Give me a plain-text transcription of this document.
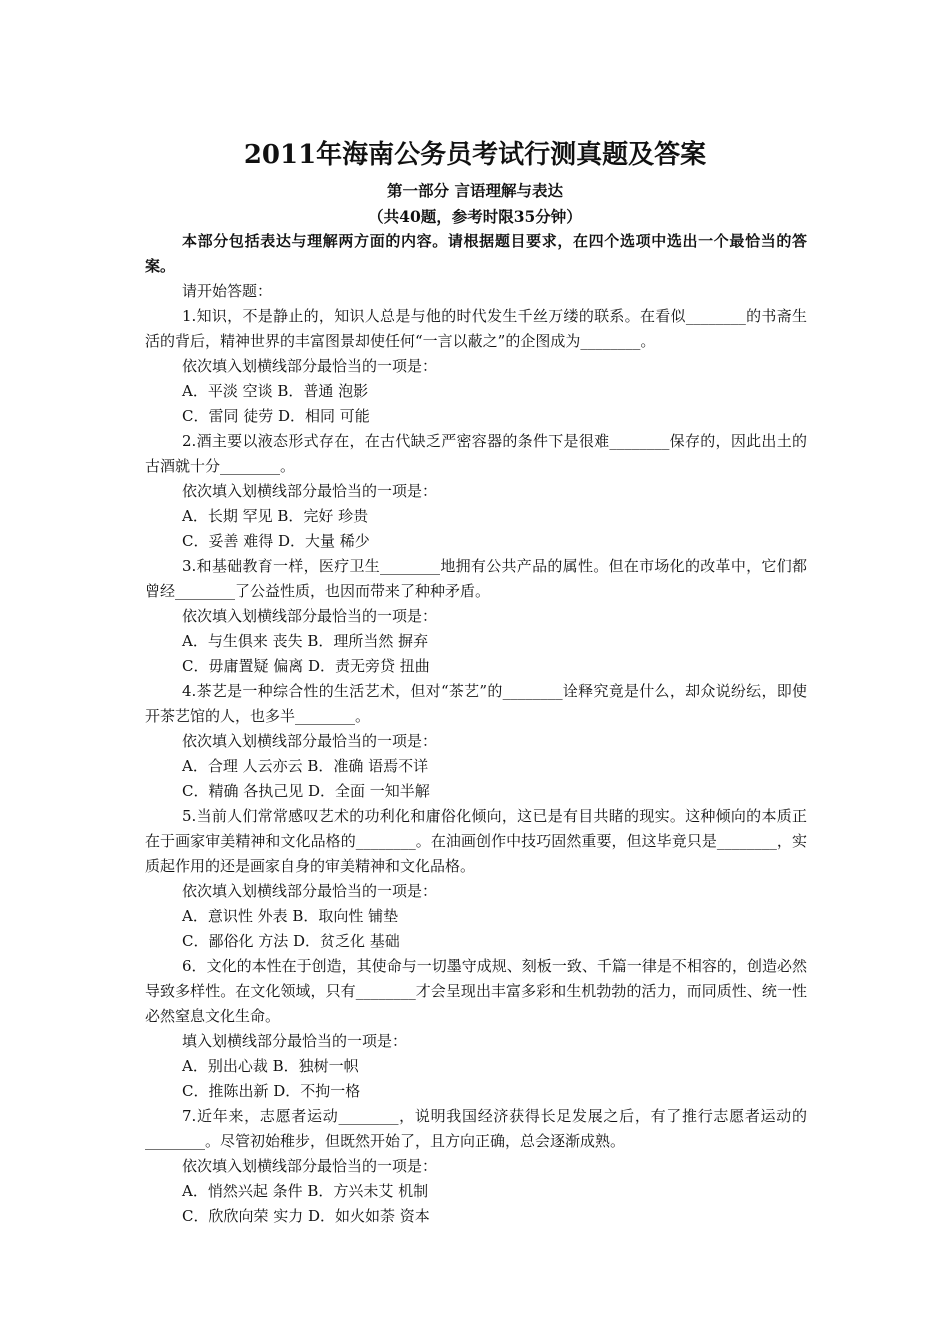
2011年海南公务员考试行测真题及答案
第一部分 言语理解与表达
（共40题，参考时限35分钟）

本部分包括表达与理解两方面的内容。请根据题目要求，在四个选项中选出一个最恰当的答案。

请开始答题：

1.知识，不是静止的，知识人总是与他的时代发生千丝万缕的联系。在看似________的书斋生活的背后，精神世界的丰富图景却使任何“一言以蔽之”的企图成为________。

依次填入划横线部分最恰当的一项是：

A．平淡 空谈 B．普通 泡影

C．雷同 徒劳 D．相同 可能

2.酒主要以液态形式存在，在古代缺乏严密容器的条件下是很难________保存的，因此出土的古酒就十分________。

依次填入划横线部分最恰当的一项是：

A．长期 罕见 B．完好 珍贵

C．妥善 难得 D．大量 稀少

3.和基础教育一样，医疗卫生________地拥有公共产品的属性。但在市场化的改革中，它们都曾经________了公益性质，也因而带来了种种矛盾。

依次填入划横线部分最恰当的一项是：

A．与生俱来 丧失 B．理所当然 摒弃

C．毋庸置疑 偏离 D．责无旁贷 扭曲

4.茶艺是一种综合性的生活艺术，但对“茶艺”的________诠释究竟是什么，却众说纷纭，即使开茶艺馆的人，也多半________。

依次填入划横线部分最恰当的一项是：

A．合理 人云亦云 B．准确 语焉不详

C．精确 各执己见 D．全面 一知半解

5.当前人们常常感叹艺术的功利化和庸俗化倾向，这已是有目共睹的现实。这种倾向的本质正在于画家审美精神和文化品格的________。在油画创作中技巧固然重要，但这毕竟只是________，实质起作用的还是画家自身的审美精神和文化品格。

依次填入划横线部分最恰当的一项是：

A．意识性 外表 B．取向性 铺垫

C．鄙俗化 方法 D．贫乏化 基础

6．文化的本性在于创造，其使命与一切墨守成规、刻板一致、千篇一律是不相容的，创造必然导致多样性。在文化领域，只有________才会呈现出丰富多彩和生机勃勃的活力，而同质性、统一性必然窒息文化生命。

填入划横线部分最恰当的一项是：

A．别出心裁 B．独树一帜

C．推陈出新 D．不拘一格

7.近年来，志愿者运动________，说明我国经济获得长足发展之后，有了推行志愿者运动的________。尽管初始稚步，但既然开始了，且方向正确，总会逐渐成熟。

依次填入划横线部分最恰当的一项是：

A．悄然兴起 条件 B．方兴未艾 机制

C．欣欣向荣 实力 D．如火如荼 资本
